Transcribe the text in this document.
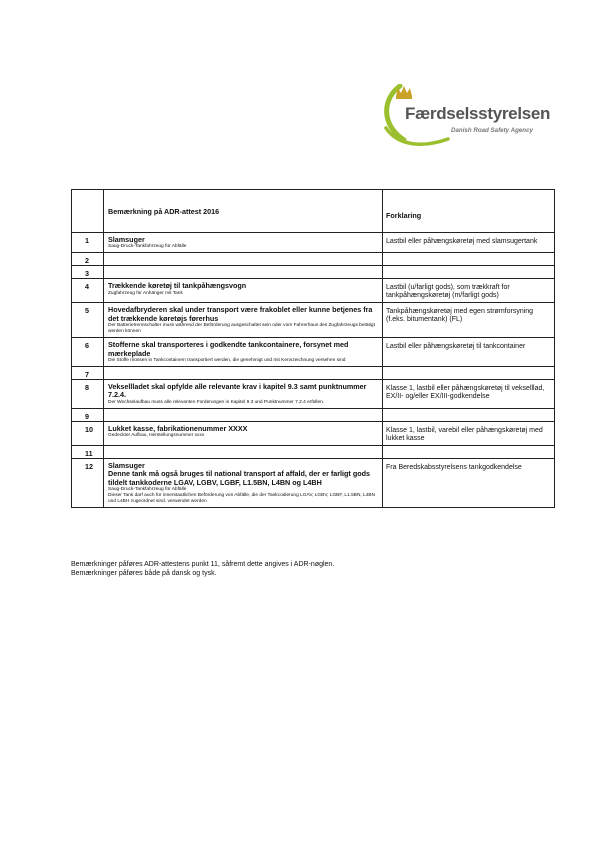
Færdselsstyrelsen
Danish Road Safety Agency

	Bemærkning på ADR-attest 2016	Forklaring

1	Slamsuger
Saug-Druck-Tankfahrzeug für Abfälle	Lastbil eller påhængskøretøj med slamsugertank
2		
3		
4	Trækkende køretøj til tankpåhængsvogn
Zugfahrzeug für Anhänger mit Tank	Lastbil (u/farligt gods), som trækkraft for tankpåhængskøretøj (m/farligt gods)
5	Hovedafbryderen skal under transport være frakoblet eller kunne betjenes fra det trækkende køretøjs førerhus
Der Batterietrennschalter muss während der Beförderung ausgeschaltet sein oder vom Fahrerhaus des Zugfahrzeugs betätigt werden können	Tankpåhængskøretøj med egen strømforsyning (f.eks. bitumentank) (FL)
6	Stofferne skal transporteres i godkendte tankcontainere, forsynet med mærkeplade
Die Stoffe müssen in Tankcontainern transportiert werden, die genehmigt und mit Kennzeichnung versehen sind	Lastbil eller påhængskøretøj til tankcontainer
7		
8	Veksellladet skal opfylde alle relevante krav i kapitel 9.3 samt punktnummer 7.2.4.
Der Wechselaufbau muss alle relevanten Forderungen in Kapitel 9.3 und Punktnummer 7.2.4 erfüllen.	Klasse 1, lastbil eller påhængskøretøj til vekselllad, EX/II- og/eller EX/III-godkendelse
9		
10	Lukket kasse, fabrikationenummer XXXX
Gedeckter Aufbau, Herstellungsnummer xxxx	Klasse 1, lastbil, varebil eller påhængskøretøj med lukket kasse
11		
12	Slamsuger
Denne tank må også bruges til national transport af affald, der er farligt gods tildelt tankkoderne LGAV, LGBV, LGBF, L1.5BN, L4BN og L4BH
Saug-Druck-Tankfahrzeug für Abfälle
Dieser Tank darf auch für innerstaatlichen Beförderung von Abfälle, die der Tankcodierung LGAV, LGBV, LGBF, L1.5BN, L4BN und L4BH zugeordnet sind, verwendet werden	Fra Beredskabsstyrelsens tankgodkendelse
Bemærkninger påføres ADR-attestens punkt 11, såfremt dette angives i ADR-nøglen.
Bemærkninger påføres både på dansk og tysk.
